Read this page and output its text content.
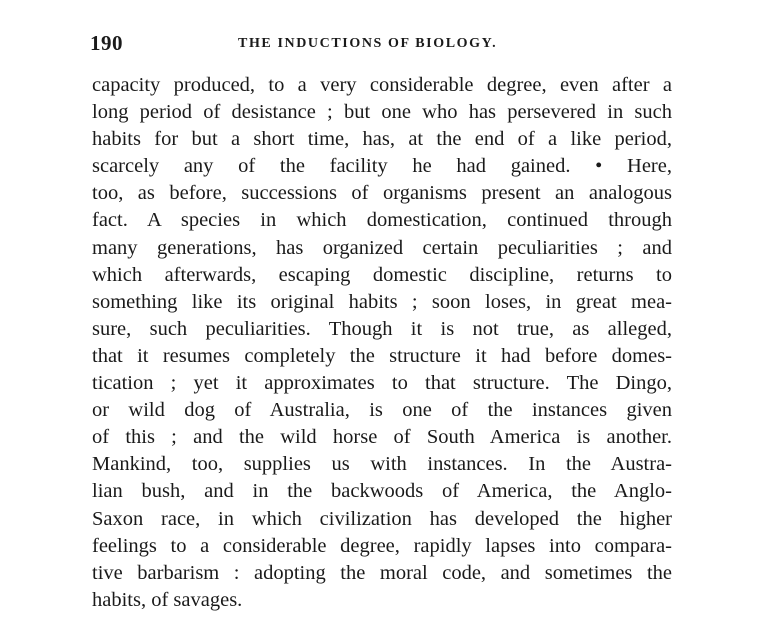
190	THE INDUCTIONS OF BIOLOGY.

capacity produced, to a very considerable degree, even after a
long period of desistance ; but one who has persevered in such
habits for but a short time, has, at the end of a like period,
scarcely any of the facility he had gained. • Here,
too, as before, successions of organisms present an analogous
fact. A species in which domestication, continued through
many generations, has organized certain peculiarities ; and
which afterwards, escaping domestic discipline, returns to
something like its original habits ; soon loses, in great mea-
sure, such peculiarities. Though it is not true, as alleged,
that it resumes completely the structure it had before domes-
tication ; yet it approximates to that structure. The Dingo,
or wild dog of Australia, is one of the instances given
of this ; and the wild horse of South America is another.
Mankind, too, supplies us with instances. In the Austra-
lian bush, and in the backwoods of America, the Anglo-
Saxon race, in which civilization has developed the higher
feelings to a considerable degree, rapidly lapses into compara-
tive barbarism : adopting the moral code, and sometimes the
habits, of savages.
